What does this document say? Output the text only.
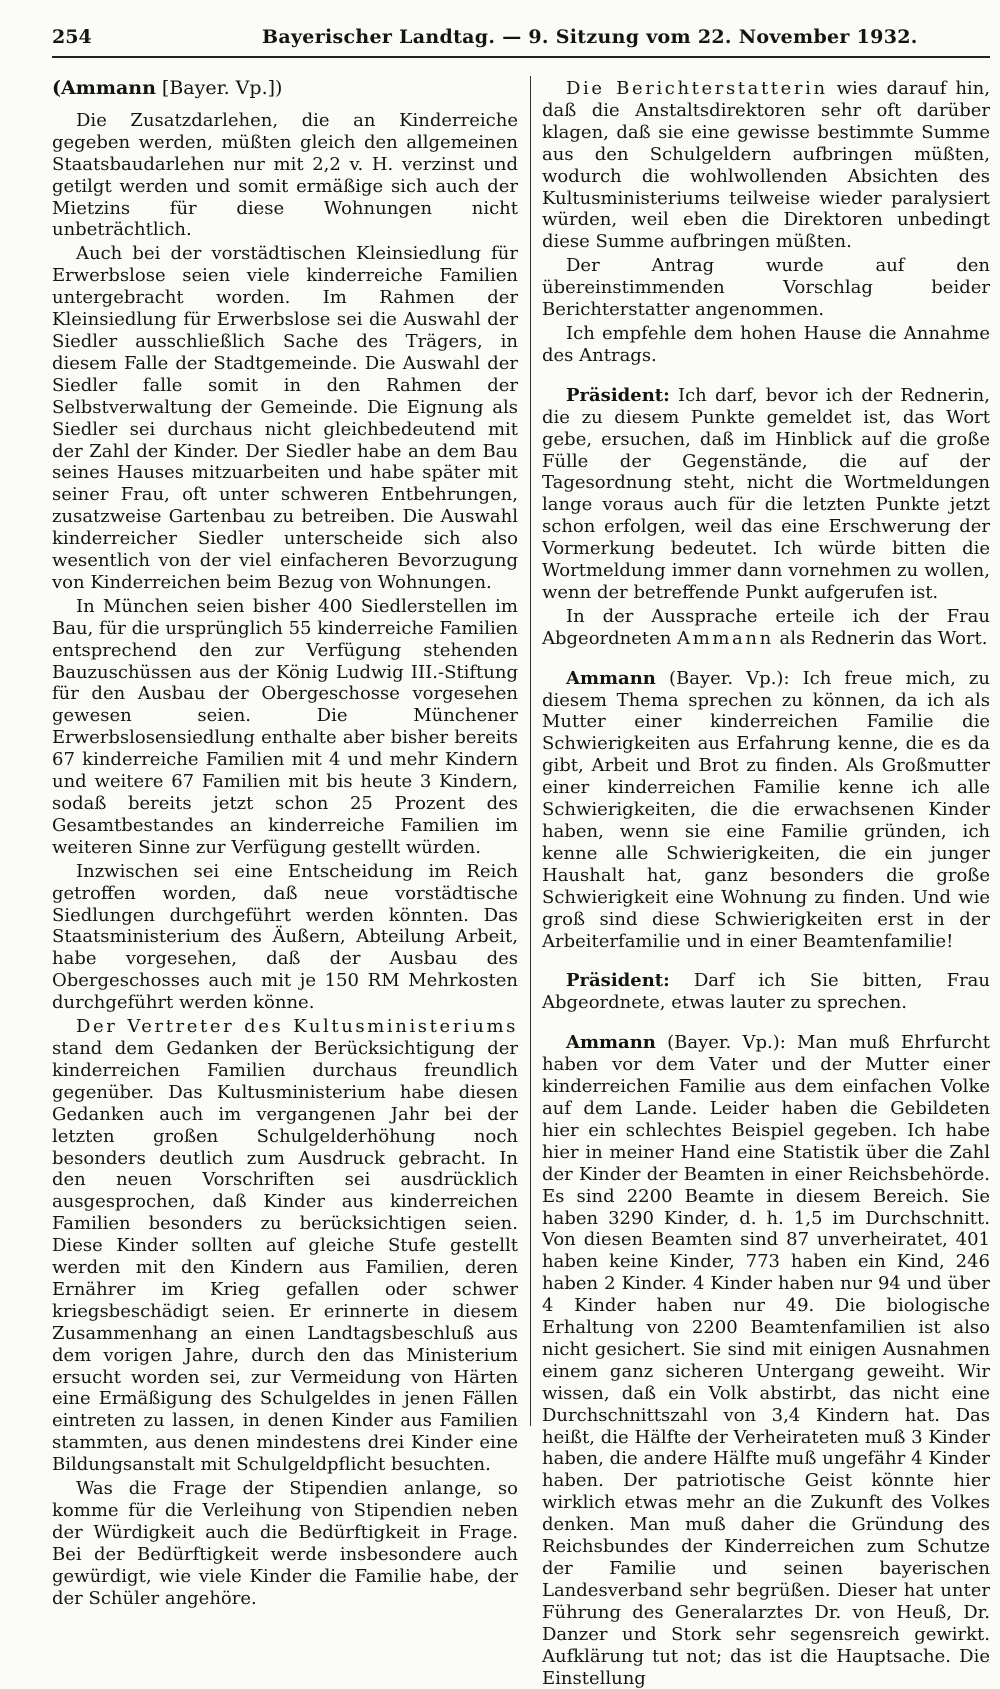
254	Bayerischer Landtag. — 9. Sitzung vom 22. November 1932.

(Ammann [Bayer. Vp.])

Die Zusatzdarlehen, die an Kinderreiche gegeben werden, müßten gleich den allgemeinen Staatsbaudarlehen nur mit 2,2 v. H. verzinst und getilgt werden und somit ermäßige sich auch der Mietzins für diese Wohnungen nicht unbeträchtlich.

Auch bei der vorstädtischen Kleinsiedlung für Erwerbslose seien viele kinderreiche Familien untergebracht worden. Im Rahmen der Kleinsiedlung für Erwerbslose sei die Auswahl der Siedler ausschließlich Sache des Trägers, in diesem Falle der Stadtgemeinde. Die Auswahl der Siedler falle somit in den Rahmen der Selbstverwaltung der Gemeinde. Die Eignung als Siedler sei durchaus nicht gleichbedeutend mit der Zahl der Kinder. Der Siedler habe an dem Bau seines Hauses mitzuarbeiten und habe später mit seiner Frau, oft unter schweren Entbehrungen, zusatzweise Gartenbau zu betreiben. Die Auswahl kinderreicher Siedler unterscheide sich also wesentlich von der viel einfacheren Bevorzugung von Kinderreichen beim Bezug von Wohnungen.

In München seien bisher 400 Siedlerstellen im Bau, für die ursprünglich 55 kinderreiche Familien entsprechend den zur Verfügung stehenden Bauzuschüssen aus der König Ludwig III.-Stiftung für den Ausbau der Obergeschosse vorgesehen gewesen seien. Die Münchener Erwerbslosensiedlung enthalte aber bisher bereits 67 kinderreiche Familien mit 4 und mehr Kindern und weitere 67 Familien mit bis heute 3 Kindern, sodaß bereits jetzt schon 25 Prozent des Gesamtbestandes an kinderreiche Familien im weiteren Sinne zur Verfügung gestellt würden.

Inzwischen sei eine Entscheidung im Reich getroffen worden, daß neue vorstädtische Siedlungen durchgeführt werden könnten. Das Staatsministerium des Äußern, Abteilung Arbeit, habe vorgesehen, daß der Ausbau des Obergeschosses auch mit je 150 RM Mehrkosten durchgeführt werden könne.

Der Vertreter des Kultusministeriums stand dem Gedanken der Berücksichtigung der kinderreichen Familien durchaus freundlich gegenüber. Das Kultusministerium habe diesen Gedanken auch im vergangenen Jahr bei der letzten großen Schulgelderhöhung noch besonders deutlich zum Ausdruck gebracht. In den neuen Vorschriften sei ausdrücklich ausgesprochen, daß Kinder aus kinderreichen Familien besonders zu berücksichtigen seien. Diese Kinder sollten auf gleiche Stufe gestellt werden mit den Kindern aus Familien, deren Ernährer im Krieg gefallen oder schwer kriegsbeschädigt seien. Er erinnerte in diesem Zusammenhang an einen Landtagsbeschluß aus dem vorigen Jahre, durch den das Ministerium ersucht worden sei, zur Vermeidung von Härten eine Ermäßigung des Schulgeldes in jenen Fällen eintreten zu lassen, in denen Kinder aus Familien stammten, aus denen mindestens drei Kinder eine Bildungsanstalt mit Schulgeldpflicht besuchten.

Was die Frage der Stipendien anlange, so komme für die Verleihung von Stipendien neben der Würdigkeit auch die Bedürftigkeit in Frage. Bei der Bedürftigkeit werde insbesondere auch gewürdigt, wie viele Kinder die Familie habe, der der Schüler angehöre.

Die Berichterstatterin wies darauf hin, daß die Anstaltsdirektoren sehr oft darüber klagen, daß sie eine gewisse bestimmte Summe aus den Schulgeldern aufbringen müßten, wodurch die wohlwollenden Absichten des Kultusministeriums teilweise wieder paralysiert würden, weil eben die Direktoren unbedingt diese Summe aufbringen müßten.

Der Antrag wurde auf den übereinstimmenden Vorschlag beider Berichterstatter angenommen.

Ich empfehle dem hohen Hause die Annahme des Antrags.

Präsident: Ich darf, bevor ich der Rednerin, die zu diesem Punkte gemeldet ist, das Wort gebe, ersuchen, daß im Hinblick auf die große Fülle der Gegenstände, die auf der Tagesordnung steht, nicht die Wortmeldungen lange voraus auch für die letzten Punkte jetzt schon erfolgen, weil das eine Erschwerung der Vormerkung bedeutet. Ich würde bitten die Wortmeldung immer dann vornehmen zu wollen, wenn der betreffende Punkt aufgerufen ist.

In der Aussprache erteile ich der Frau Abgeordneten Ammann als Rednerin das Wort.

Ammann (Bayer. Vp.): Ich freue mich, zu diesem Thema sprechen zu können, da ich als Mutter einer kinderreichen Familie die Schwierigkeiten aus Erfahrung kenne, die es da gibt, Arbeit und Brot zu finden. Als Großmutter einer kinderreichen Familie kenne ich alle Schwierigkeiten, die die erwachsenen Kinder haben, wenn sie eine Familie gründen, ich kenne alle Schwierigkeiten, die ein junger Haushalt hat, ganz besonders die große Schwierigkeit eine Wohnung zu finden. Und wie groß sind diese Schwierigkeiten erst in der Arbeiterfamilie und in einer Beamtenfamilie!

Präsident: Darf ich Sie bitten, Frau Abgeordnete, etwas lauter zu sprechen.

Ammann (Bayer. Vp.): Man muß Ehrfurcht haben vor dem Vater und der Mutter einer kinderreichen Familie aus dem einfachen Volke auf dem Lande. Leider haben die Gebildeten hier ein schlechtes Beispiel gegeben. Ich habe hier in meiner Hand eine Statistik über die Zahl der Kinder der Beamten in einer Reichsbehörde. Es sind 2200 Beamte in diesem Bereich. Sie haben 3290 Kinder, d. h. 1,5 im Durchschnitt. Von diesen Beamten sind 87 unverheiratet, 401 haben keine Kinder, 773 haben ein Kind, 246 haben 2 Kinder. 4 Kinder haben nur 94 und über 4 Kinder haben nur 49. Die biologische Erhaltung von 2200 Beamtenfamilien ist also nicht gesichert. Sie sind mit einigen Ausnahmen einem ganz sicheren Untergang geweiht. Wir wissen, daß ein Volk abstirbt, das nicht eine Durchschnittszahl von 3,4 Kindern hat. Das heißt, die Hälfte der Verheirateten muß 3 Kinder haben, die andere Hälfte muß ungefähr 4 Kinder haben. Der patriotische Geist könnte hier wirklich etwas mehr an die Zukunft des Volkes denken. Man muß daher die Gründung des Reichsbundes der Kinderreichen zum Schutze der Familie und seinen bayerischen Landesverband sehr begrüßen. Dieser hat unter Führung des Generalarztes Dr. von Heuß, Dr. Danzer und Stork sehr segensreich gewirkt. Aufklärung tut not; das ist die Hauptsache. Die Einstellung
